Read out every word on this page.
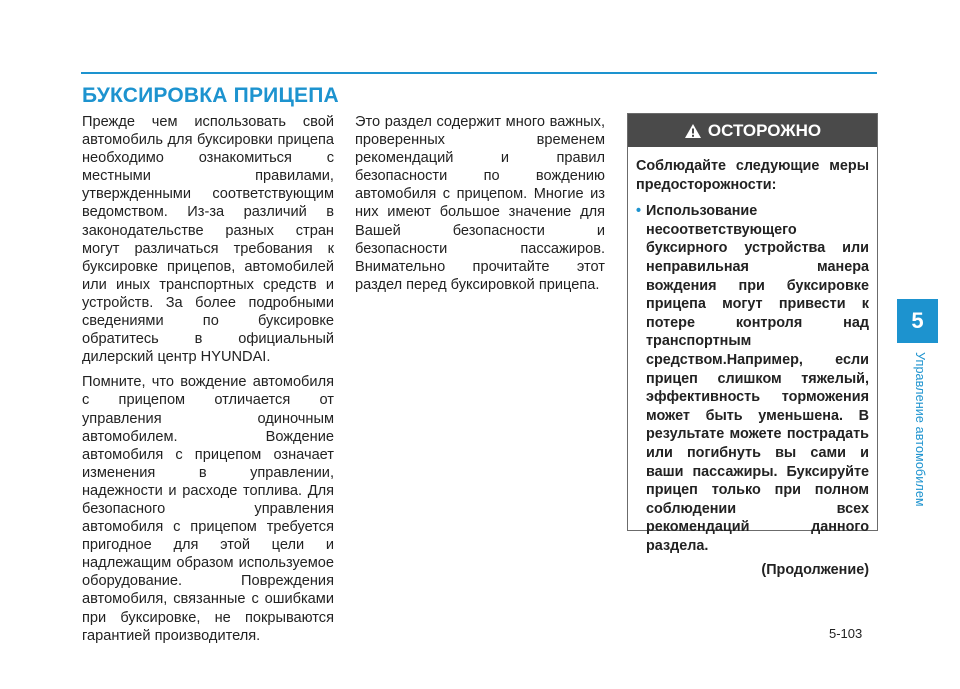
БУКСИРОВКА ПРИЦЕПА

Прежде чем использовать свой автомобиль для буксировки прицепа необходимо ознакомиться с местными правилами, утвержденными соответствующим ведомством. Из-за различий в законодательстве разных стран могут различаться требования к буксировке прицепов, автомобилей или иных транспортных средств и устройств. За более подробными сведениями по буксировке обратитесь в официальный дилерский центр HYUNDAI.

Помните, что вождение автомобиля с прицепом отличается от управления одиночным автомобилем. Вождение автомобиля с прицепом означает изменения в управлении, надежности и расходе топлива. Для безопасного управления автомобиля с прицепом требуется пригодное для этой цели и надлежащим образом используемое оборудование. Повреждения автомобиля, связанные с ошибками при буксировке, не покрываются гарантией производителя.

Это раздел содержит много важных, проверенных временем рекомендаций и правил безопасности по вождению автомобиля с прицепом. Многие из них имеют большое значение для Вашей безопасности и безопасности пассажиров. Внимательно прочитайте этот раздел перед буксировкой прицепа.

ОСТОРОЖНО

Соблюдайте следующие меры предосторожности:

• Использование несоответствующего буксирного устройства или неправильная манера вождения при буксировке прицепа могут привести к потере контроля над транспортным средством.Например, если прицеп слишком тяжелый, эффективность торможения может быть уменьшена. В результате можете пострадать или погибнуть вы сами и ваши пассажиры. Буксируйте прицеп только при полном соблюдении всех рекомендаций данного раздела.
(Продолжение)
5
Управление автомобилем
5-103
